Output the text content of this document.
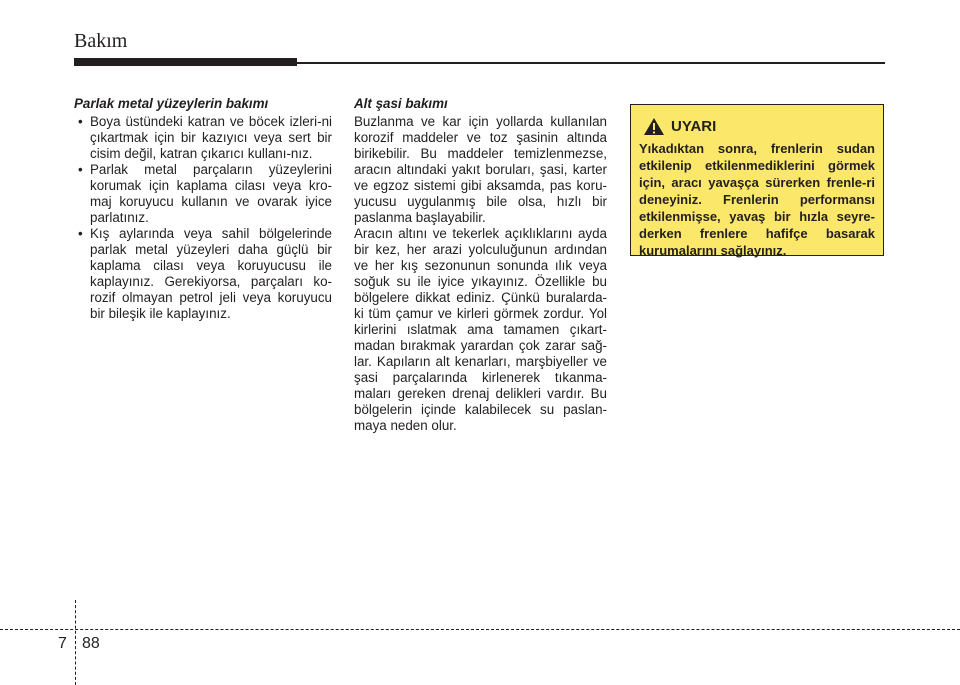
Bakım
Parlak metal yüzeylerin bakımı
• Boya üstündeki katran ve böcek izleri-ni çıkartmak için bir kazıyıcı veya sert bir cisim değil, katran çıkarıcı kullanı-nız.
• Parlak metal parçaların yüzeylerini korumak için kaplama cilası veya kro-maj koruyucu kullanın ve ovarak iyice parlatınız.
• Kış aylarında veya sahil bölgelerinde parlak metal yüzeyleri daha güçlü bir kaplama cilası veya koruyucusu ile kaplayınız. Gerekiyorsa, parçaları ko-rozif olmayan petrol jeli veya koruyucu bir bileşik ile kaplayınız.
Alt şasi bakımı

Buzlanma ve kar için yollarda kullanılan korozif maddeler ve toz şasinin altında birikebilir. Bu maddeler temizlenmezse, aracın altındaki yakıt boruları, şasi, karter ve egzoz sistemi gibi aksamda, pas koru-yucusu uygulanmış bile olsa, hızlı bir paslanma başlayabilir.

Aracın altını ve tekerlek açıklıklarını ayda bir kez, her arazi yolculuğunun ardından ve her kış sezonunun sonunda ılık veya soğuk su ile iyice yıkayınız. Özellikle bu bölgelere dikkat ediniz. Çünkü buralarda-ki tüm çamur ve kirleri görmek zordur. Yol kirlerini ıslatmak ama tamamen çıkart-madan bırakmak yarardan çok zarar sağ-lar. Kapıların alt kenarları, marşbiyeller ve şasi parçalarında kirlenerek tıkanma-maları gereken drenaj delikleri vardır. Bu bölgelerin içinde kalabilecek su paslan-maya neden olur.

UYARI
Yıkadıktan sonra, frenlerin sudan etkilenip etkilenmediklerini görmek için, aracı yavaşça sürerken frenle-ri deneyiniz. Frenlerin performansı etkilenmişse, yavaş bir hızla seyre-derken frenlere hafifçe basarak kurumalarını sağlayınız.
7 88
